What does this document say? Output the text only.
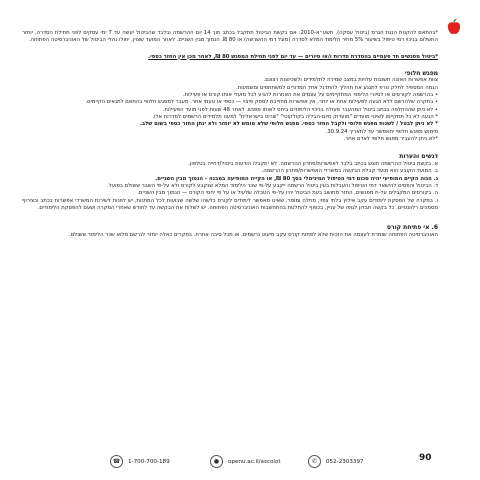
*בהתאם להקנות הנגת הגרמ (ביטול עסקה), תשע״א-2010: אם בקשת הביטול תתקבל בכתב תוך 14 יום ההרשמה ובלבד שהביטול יעשה עד 7 ימי עסקים לפני תחילת הסדרה, יוחזר התשלום בניכוי דמי טיפול בשיעור 5% מחיר הלימוד המלא לסדרה (מוגל דמי ההשרשה) או 80 ₪, הנמוך מבין השניים. לאחר המועד שצוין, יחולו נהלי הביטול של האוניברסיטה הפתוחה.

*ביטול מפגשים חד פעמיים בהסדרת סדרות ו/או סיורים — עד יום לפני תחילת המפגש 80 ₪, לאחר מכן אין החזר כספי.

מפגש חלופי

צוות אפשרות האזנה חשובות עלויות במצב שמירה לתלמידים ולשכיוצות רצונם.

הגמה המספיר לחלק טרפ לתגנע את תהליך להתדגל אחד המדורים למשתתפים ומשמעות.

• בהרשמה לקורסים או לסיורי הלימוד המתקיימים על עצמים את האחרות להגיע לכל מועדי אותו קורס או פעילות.

• בחקרה שלהרשם ללא הגעה לפעילות אחת או יותר, אין אפשרות מחוייבת לספק פיצוי — כספי או טעמי אחר. מעבר למפגש חלופי בהתאם לתנאים הקיימים.

• לא ניתן שההחלפה בכתב ביטול המהעבר פעולה בניכוי הלימודים ביחס לאותו מפגש. לאחר 48 שעות לפני מועד הפעילות.

* הגעה לא כל תתקיימו לשינוי מועדים "מועדוק סיום-הבליה בקולקוטי" "שרוט בישראלית" למעט תלמידים הרשמים לסדרות אלו.

* לא ניתן לבטל / לשנות מפגש חלופי ולקבל החזר כספי. מפגש חלופי שלא מומש לא יוחזר ולא ינתן החזר כספי בשום שלב.

מימוש מפגש חלופי יתאפשר עד לתאריך 30.9.24.

*לא ניתן להעביר מפגש חלופי לאדם אחר.

דגשים והערות

א. בקשת ביטול ההרשמה תוגש בכתב בלבד לאפשרות/פתרון ההרשמה. לא יתקבלו הודעות ביטול/דחייה בטלפון.

ב. המועד הקובע הוא מועד קבלת הבקשה במשרדי האפשרות/פתרון ההרשמה.

ג. הגוה הקיים המופיעי יהיה סכום דמי הטיפול המינימלי בסך 80 ₪, או הקייה המופיעה במבנה - הנמוך מבין השניים.

ד. הביטול והפסים להישאר דמי הטיפול והעבלות בעין ביטול הרשמה ייקבע על-פי שכר הלימוד המלא שנקבע לקורס ולא על-פי השבר ששולם בפועל.

ה. בקורסים המקבלים על-ח מפגשים, החזר מחושב בעת הביטול יהיו על-פי הטבלה שלעיל או על פי יחסי הקורס — הנמוך מבין השניים.

ו. במקרה של הפסקת לימודים עקב אילוץ בלתי צפוי, מחלה ומוסר, שאינו מאפשר לימודים לקורס כלשהו שלשה שבועות לכל המתנות, יש לפנות לשירות המשרדי אפשרות בכתב וכצירוף מסמכים רלוונטיים. כל בקשה תבדון לגופו של עניין, בכפוף להחלטת בהתחשבות האוניברסיטה הפתוחה. יש לשלוח את הבקשה עד לחודש שאחרי המקרה ושעם להפסקת הלימודים.

6. אי פתיחת קורס

האוניברסיטה הפתוחה שומרת לעצמה את הזכות שלא לפתוח קורס עקב מיעוט נרשמים, או מכל סיבה אחרת. במקרים כאלה יוחזר לנרשם מלוא שכר הלימוד ששולם.

☎	1-700-700-189	●	openu.ac.il/ascolot	✆	052-2303397	90
